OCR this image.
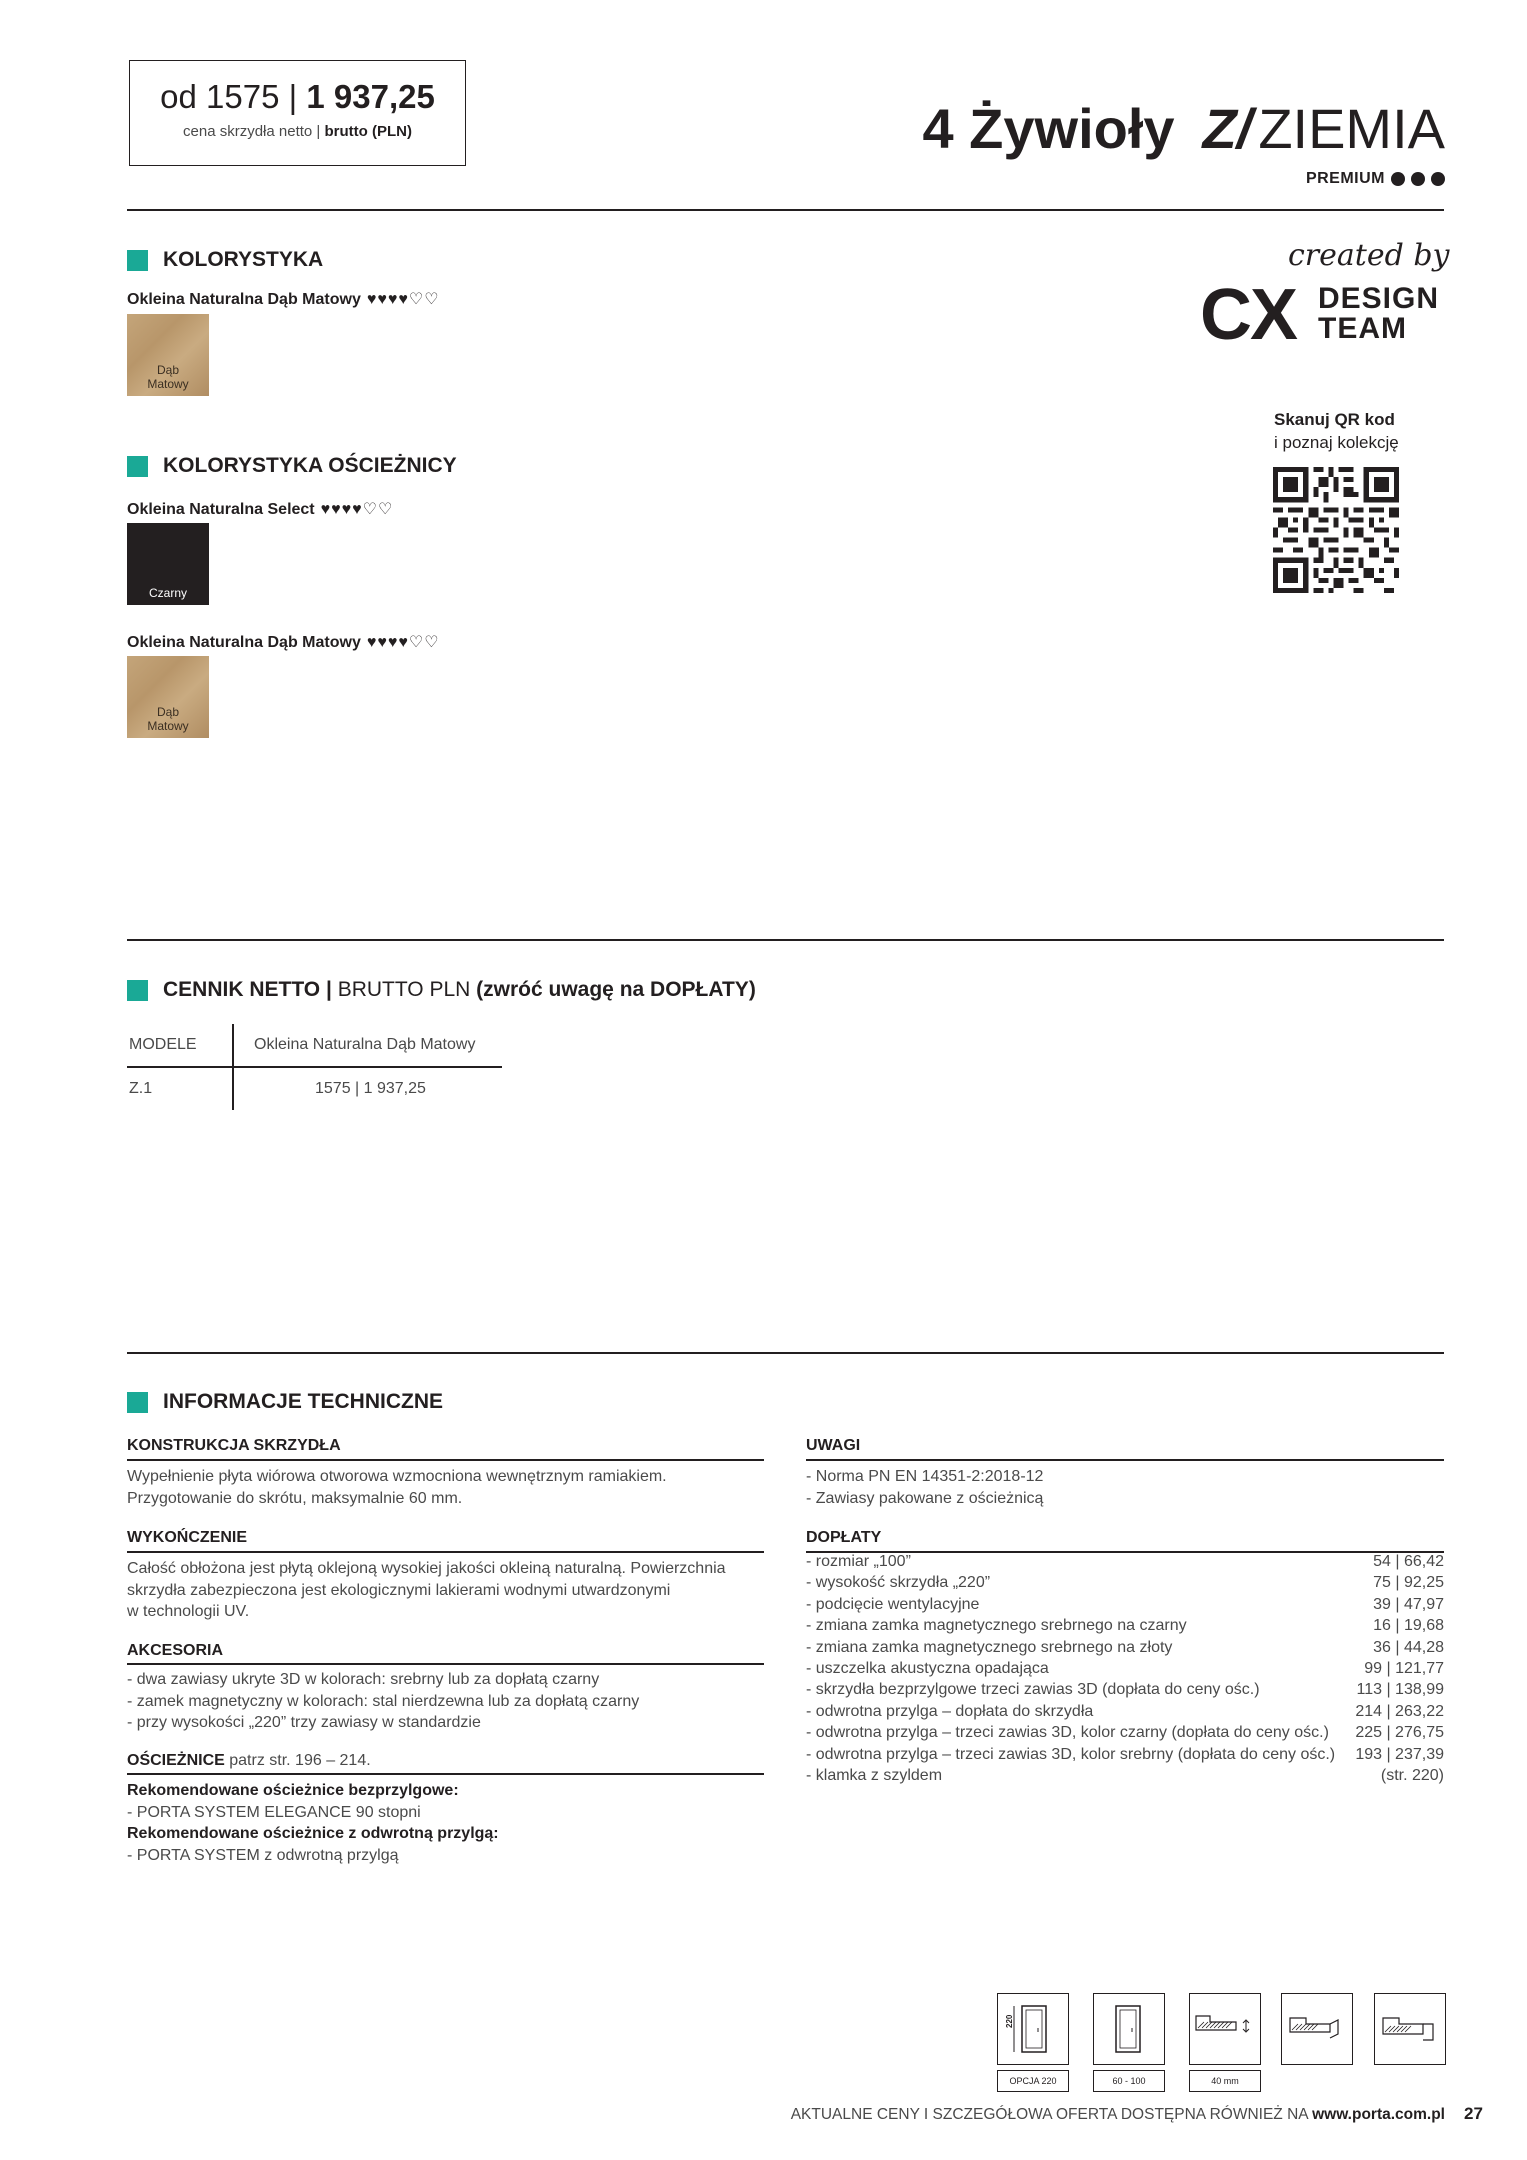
od 1575 | 1 937,25
cena skrzydła netto | brutto (PLN)	4 Żywioły Z/ ZIEMIA
PREMIUM
KOLORYSTYKA
Okleina Naturalna Dąb Matowy ♥♥♥♥♡♡
Dąb Matowy
KOLORYSTYKA OŚCIEŻNICY
Okleina Naturalna Select ♥♥♥♥♡♡
Czarny
Okleina Naturalna Dąb Matowy ♥♥♥♥♡♡
Dąb Matowy
created by
CX DESIGN
TEAM
Skanuj QR kod
i poznaj kolekcję
CENNIK NETTO |
BRUTTO PLN
(zwróć uwagę na DOPŁATY)
MODELE	Okleina Naturalna Dąb Matowy
Z.1	1575 | 1 937,25
INFORMACJE TECHNICZNE
KONSTRUKCJA SKRZYDŁA
Wypełnienie płyta wiórowa otworowa wzmocniona wewnętrznym ramiakiem.
Przygotowanie do skrótu, maksymalnie 60 mm.
WYKOŃCZENIE
Całość obłożona jest płytą oklejoną wysokiej jakości okleiną naturalną. Powierzchnia
skrzydła zabezpieczona jest ekologicznymi lakierami wodnymi utwardzonymi
w technologii UV.
AKCESORIA
- dwa zawiasy ukryte 3D w kolorach: srebrny lub za dopłatą czarny
- zamek magnetyczny w kolorach: stal nierdzewna lub za dopłatą czarny
- przy wysokości „220” trzy zawiasy w standardzie
OŚCIEŻNICE patrz str. 196 – 214.
Rekomendowane ościeżnice bezprzylgowe:
- PORTA SYSTEM ELEGANCE 90 stopni
Rekomendowane ościeżnice z odwrotną przylgą:
- PORTA SYSTEM z odwrotną przylgą
UWAGI
- Norma PN EN 14351-2:2018-12
- Zawiasy pakowane z ościeżnicą
DOPŁATY
- rozmiar „100”	54 | 66,42
- wysokość skrzydła „220”	75 | 92,25
- podcięcie wentylacyjne	39 | 47,97
- zmiana zamka magnetycznego srebrnego na czarny	16 | 19,68
- zmiana zamka magnetycznego srebrnego na złoty	36 | 44,28
- uszczelka akustyczna opadająca	99 | 121,77
- skrzydła bezprzylgowe trzeci zawias 3D (dopłata do ceny ośc.)	113 | 138,99
- odwrotna przylga – dopłata do skrzydła	214 | 263,22
- odwrotna przylga – trzeci zawias 3D, kolor czarny (dopłata do ceny ośc.) 225 | 276,75
- odwrotna przylga – trzeci zawias 3D, kolor srebrny (dopłata do ceny ośc.) 193 | 237,39
- klamka z szyldem	(str. 220)
220
OPCJA 220	60 - 100	40 mm
AKTUALNE CENY I SZCZEGÓŁOWA OFERTA DOSTĘPNA RÓWNIEŻ NA www.porta.com.pl 27
